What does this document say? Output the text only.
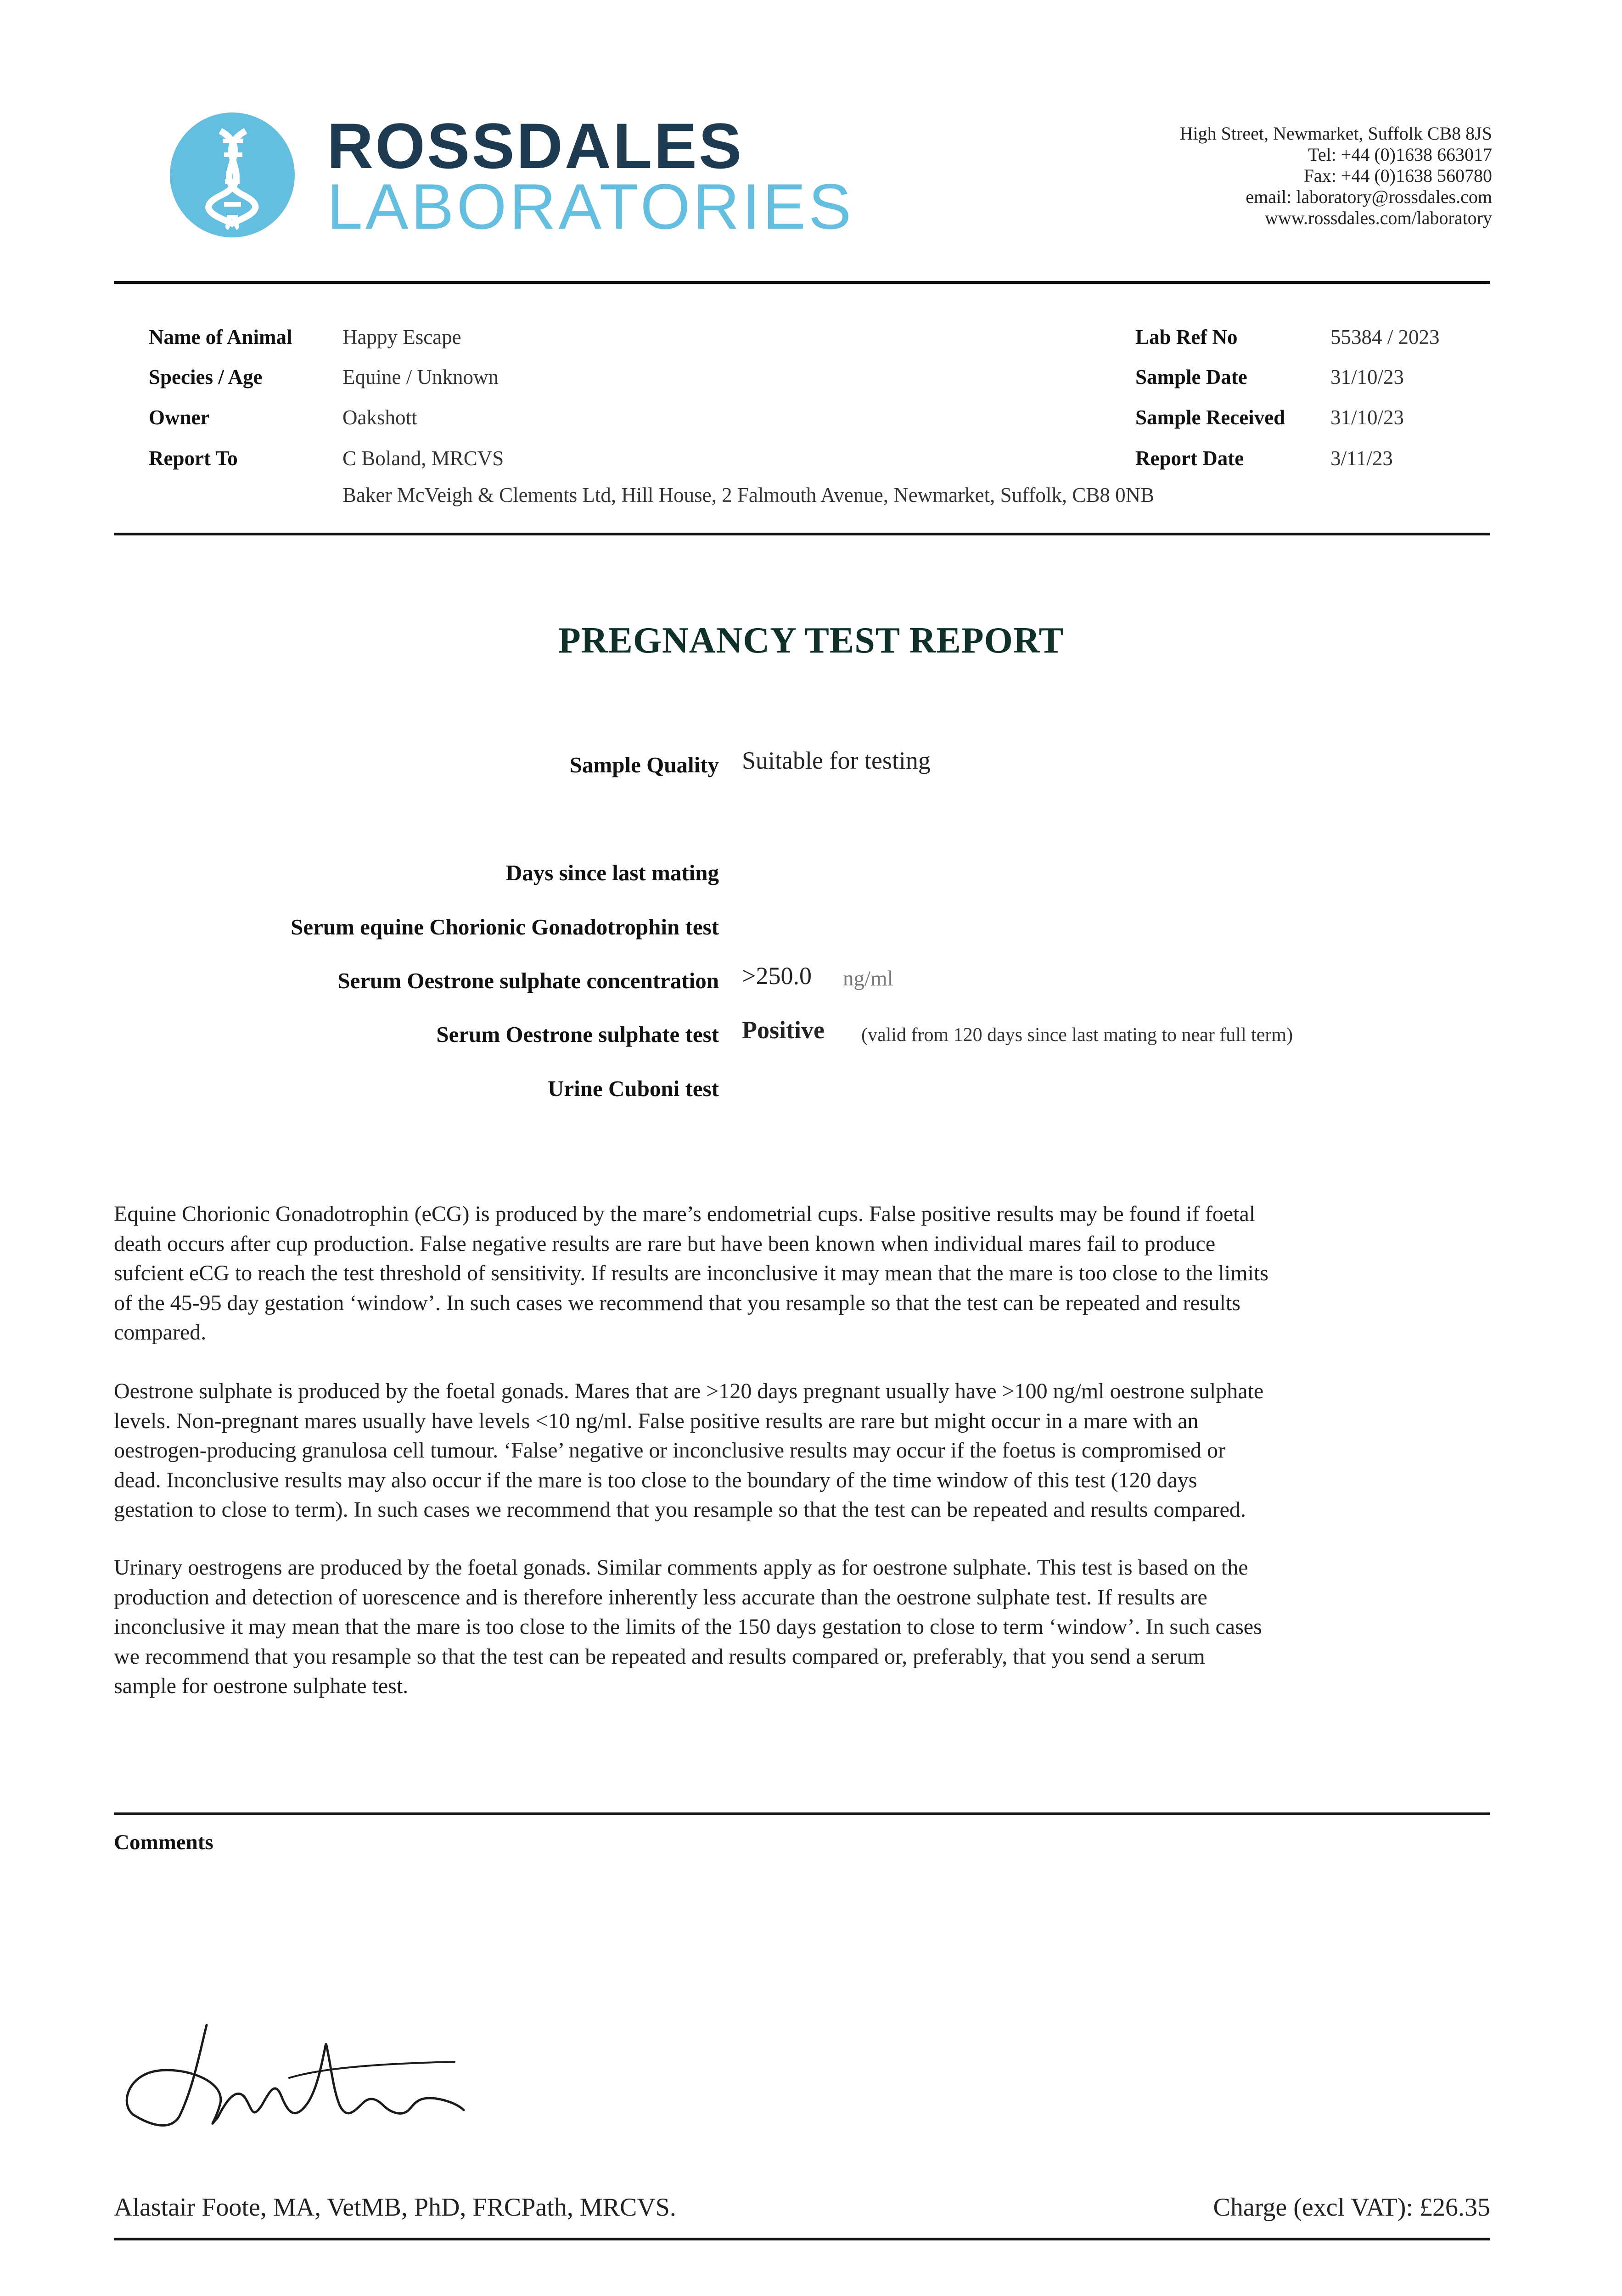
ROSSDALES
LABORATORIES
High Street, Newmarket, Suffolk CB8 8JS
Tel: +44 (0)1638 663017
Fax: +44 (0)1638 560780
email: laboratory@rossdales.com
www.rossdales.com/laboratory
Name of Animal Happy Escape
Species / Age	Equine / Unknown
Owner	Oakshott
Report To	C Boland, MRCVS
Baker McVeigh & Clements Ltd, Hill House, 2 Falmouth Avenue, Newmarket, Suffolk, CB8 0NB
Lab Ref No	55384 / 2023
Sample Date	31/10/23
Sample Received 31/10/23
Report Date	3/11/23
PREGNANCY TEST REPORT
Sample Quality Suitable for testing
Days since last mating
Serum equine Chorionic Gonadotrophin test
Serum Oestrone sulphate concentration >250.0 ng/ml
Serum Oestrone sulphate test Positive (valid from 120 days since last mating to near full term)
Urine Cuboni test
Equine Chorionic Gonadotrophin (eCG) is produced by the mare’s endometrial cups. False positive results may be found if foetal
death occurs after cup production. False negative results are rare but have been known when individual mares fail to produce
sufcient eCG to reach the test threshold of sensitivity. If results are inconclusive it may mean that the mare is too close to the limits
of the 45-95 day gestation ‘window’. In such cases we recommend that you resample so that the test can be repeated and results
compared.
Oestrone sulphate is produced by the foetal gonads. Mares that are >120 days pregnant usually have >100 ng/ml oestrone sulphate
levels. Non-pregnant mares usually have levels <10 ng/ml. False positive results are rare but might occur in a mare with an
oestrogen-producing granulosa cell tumour. ‘False’ negative or inconclusive results may occur if the foetus is compromised or
dead. Inconclusive results may also occur if the mare is too close to the boundary of the time window of this test (120 days
gestation to close to term). In such cases we recommend that you resample so that the test can be repeated and results compared.
Urinary oestrogens are produced by the foetal gonads. Similar comments apply as for oestrone sulphate. This test is based on the
production and detection of uorescence and is therefore inherently less accurate than the oestrone sulphate test. If results are
inconclusive it may mean that the mare is too close to the limits of the 150 days gestation to close to term ‘window’. In such cases
we recommend that you resample so that the test can be repeated and results compared or, preferably, that you send a serum
sample for oestrone sulphate test.
Comments
Alastair Foote, MA, VetMB, PhD, FRCPath, MRCVS.	Charge (excl VAT): £26.35
